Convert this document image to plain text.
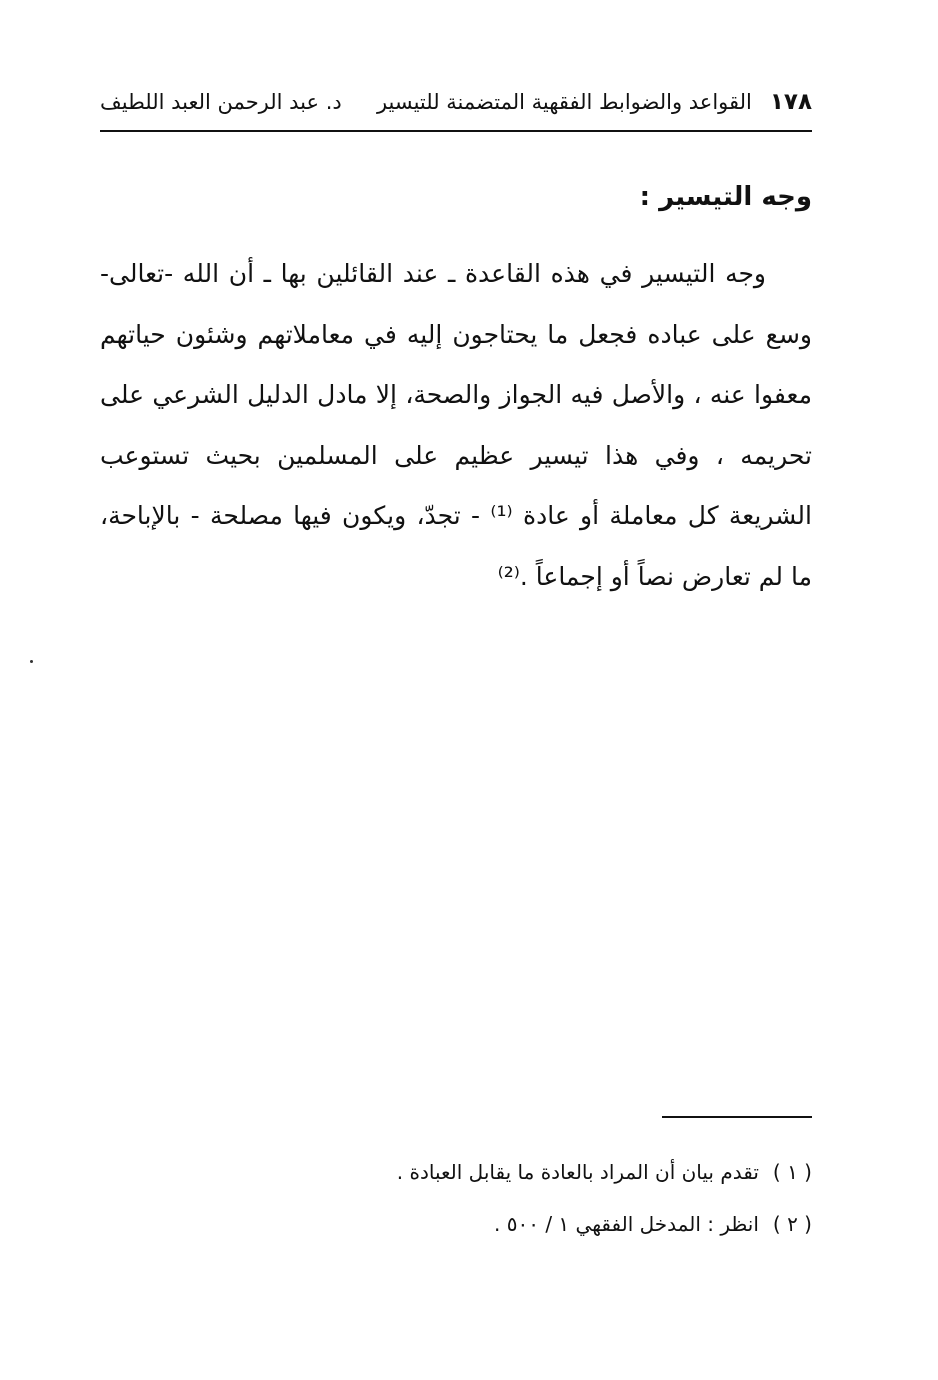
١٧٨
القواعد والضوابط الفقهية المتضمنة للتيسير
د. عبد الرحمن العبد اللطيف
وجه التيسير :

وجه التيسير في هذه القاعدة ـ عند القائلين بها ـ أن الله -تعالى- وسع على عباده فجعل ما يحتاجون إليه في معاملاتهم وشئون حياتهم معفوا عنه ، والأصل فيه الجواز والصحة، إلا مادل الدليل الشرعي على تحريمه ، وفي هذا تيسير عظيم على المسلمين بحيث تستوعب الشريعة كل معاملة أو عادة ⁽¹⁾ - تجدّ، ويكون فيها مصلحة - بالإباحة، ما لم تعارض نصاً أو إجماعاً .⁽²⁾

( ١ )
تقدم بيان أن المراد بالعادة ما يقابل العبادة .
( ٢ )
انظر : المدخل الفقهي ١ / ٥٠٠ .
